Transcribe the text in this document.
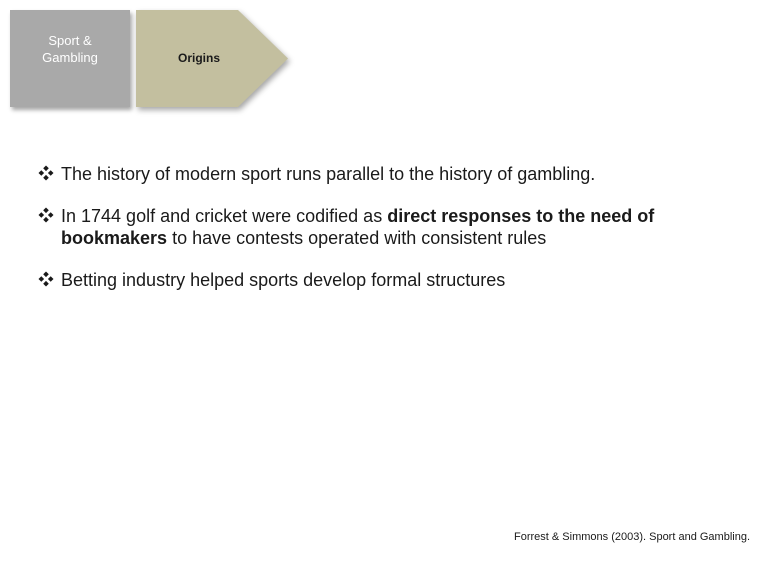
Sport &
Gambling	Origins
The history of modern sport runs parallel to the history of gambling.
In 1744 golf and cricket were codified as direct responses to the need of bookmakers to have contests operated with consistent rules
Betting industry helped sports develop formal structures
Forrest & Simmons (2003). Sport and Gambling.
